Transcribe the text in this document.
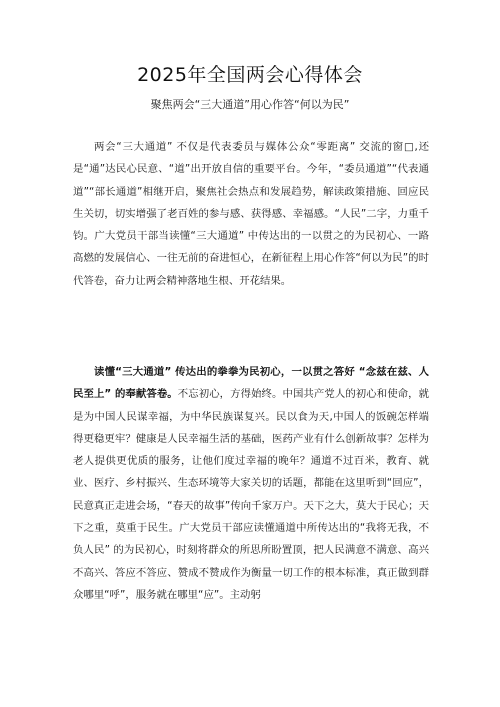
2025年全国两会心得体会
聚焦两会“三大通道”用心作答“何以为民”

两会“三大通道” 不仅是代表委员与媒体公众“零距离” 交流的窗□,还是“通”达民心民意、“道”出开放自信的重要平台。今年，“委员通道”“代表通道”“部长通道”相继开启，聚焦社会热点和发展趋势，解读政策措施、回应民生关切，切实增强了老百姓的参与感、获得感、幸福感。“人民”二字，力重千钧。广大党员干部当读懂“三大通道” 中传达出的一以贯之的为民初心、一路高燃的发展信心、一往无前的奋进恒心，在新征程上用心作答“何以为民”的时代答卷，奋力让两会精神落地生根、开花结果。

读懂“三大通道” 传达出的拳拳为民初心，一以贯之答好 “念兹在兹、人民至上” 的奉献答卷。不忘初心，方得始终。中国共产党人的初心和使命，就是为中国人民谋幸福，为中华民族谋复兴。民以食为天,中国人的饭碗怎样端得更稳更牢？健康是人民幸福生活的基础，医药产业有什么创新故事？怎样为老人提供更优质的服务，让他们度过幸福的晚年？通道不过百米，教育、就业、医疗、乡村振兴、生态环境等大家关切的话题，都能在这里听到“回应”，民意真正走进会场，“春天的故事”传向千家万户。天下之大，莫大于民心；天下之重，莫重于民生。广大党员干部应读懂通道中所传达出的“我将无我，不负人民” 的为民初心，时刻将群众的所思所盼置顶，把人民满意不满意、高兴不高兴、答应不答应、赞成不赞成作为衡量一切工作的根本标准，真正做到群众哪里“呼”，服务就在哪里“应”。主动躬
